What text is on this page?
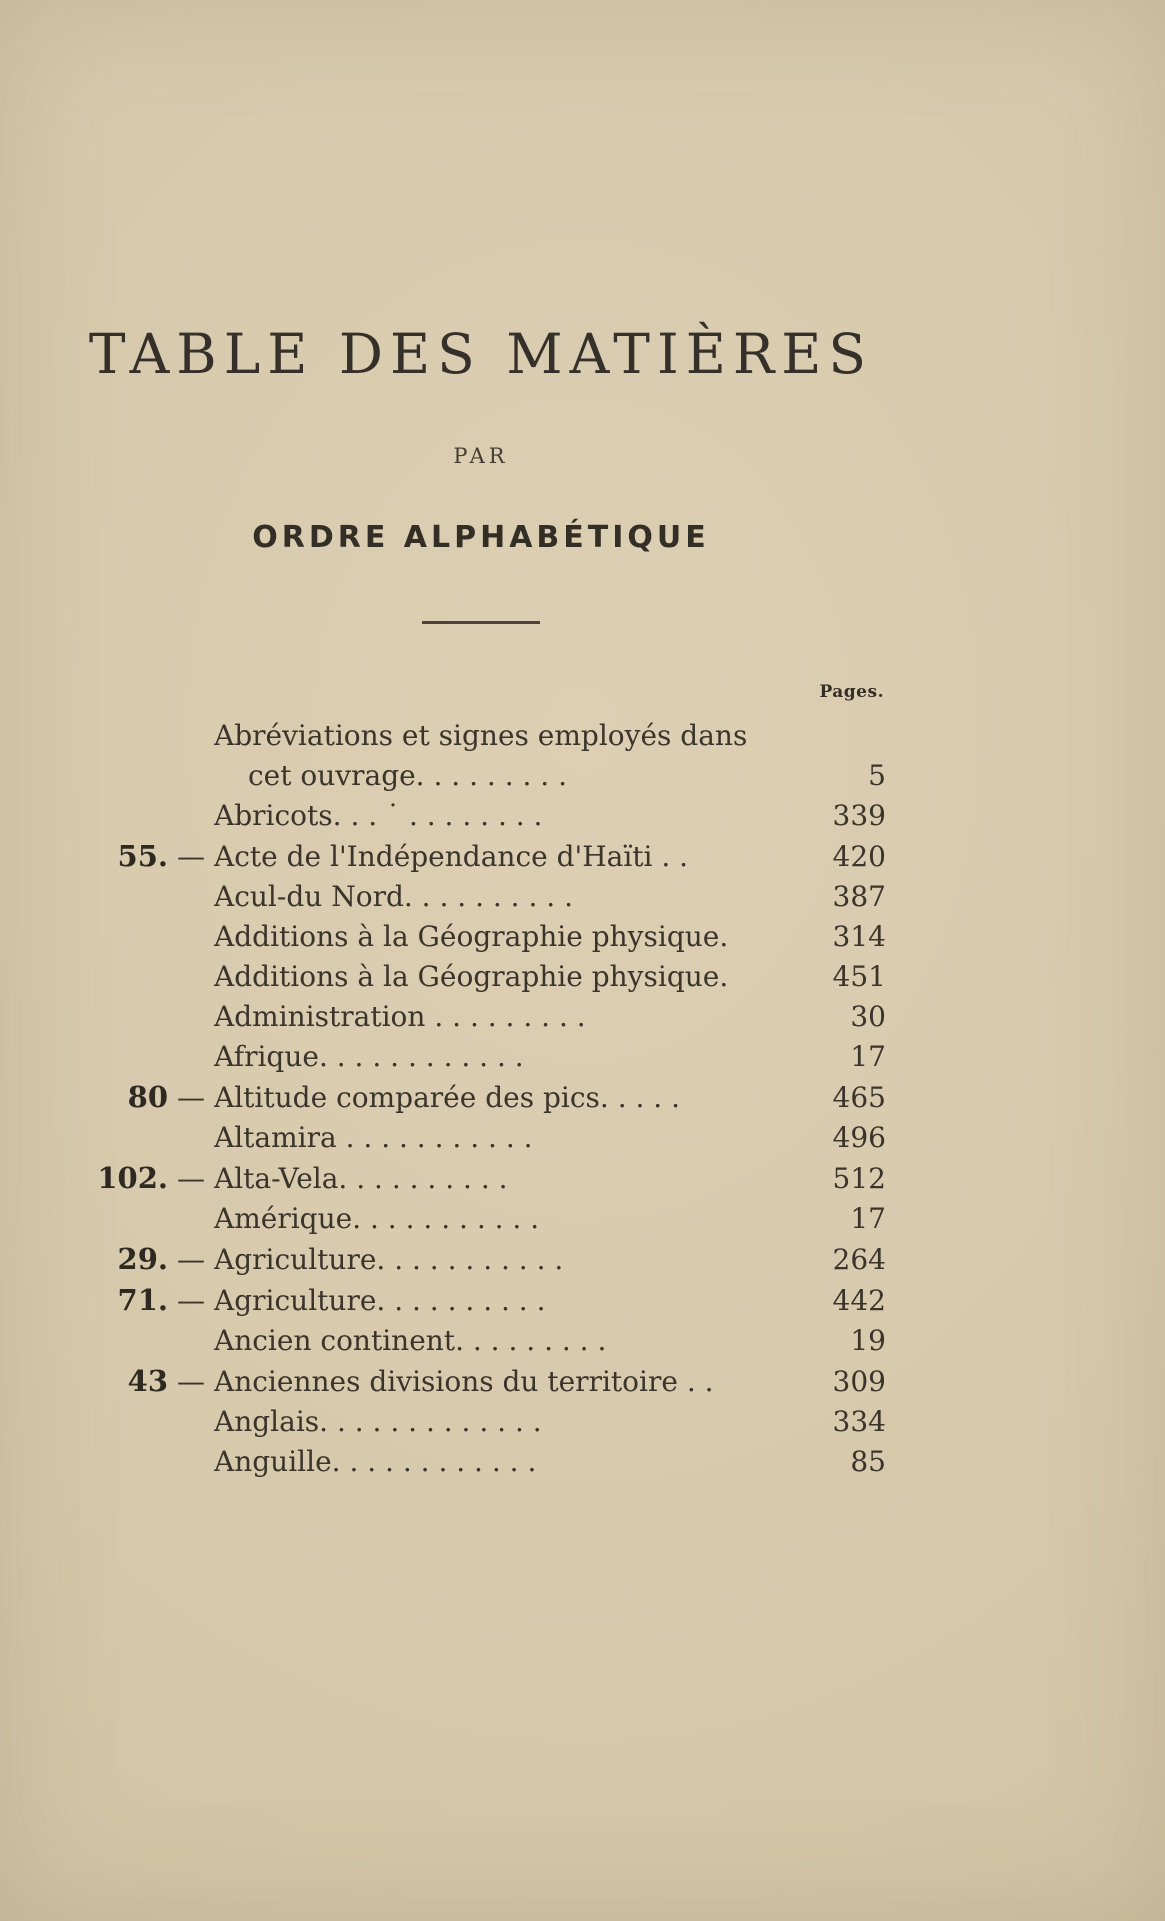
TABLE DES MATIÈRES
PAR
ORDRE ALPHABÉTIQUE
Pages.
Abréviations et signes employés dans
cet ouvrage. . . . . . . . .	5
Abricots. . . ˙ . . . . . . . .	339
55. — Acte de l'Indépendance d'Haïti . .	420
Acul-du Nord. . . . . . . . . .	387
Additions à la Géographie physique.	314
Additions à la Géographie physique.	451
Administration . . . . . . . . .	30
Afrique. . . . . . . . . . . .	17
80 — Altitude comparée des pics. . . . .	465
Altamira . . . . . . . . . . .	496
102. — Alta-Vela. . . . . . . . . .	512
Amérique. . . . . . . . . . .	17
29. — Agriculture. . . . . . . . . . .	264
71. — Agriculture. . . . . . . . . .	442
Ancien continent. . . . . . . . .	19
43 — Anciennes divisions du territoire . .	309
Anglais. . . . . . . . . . . . .	334
Anguille. . . . . . . . . . . .	85
